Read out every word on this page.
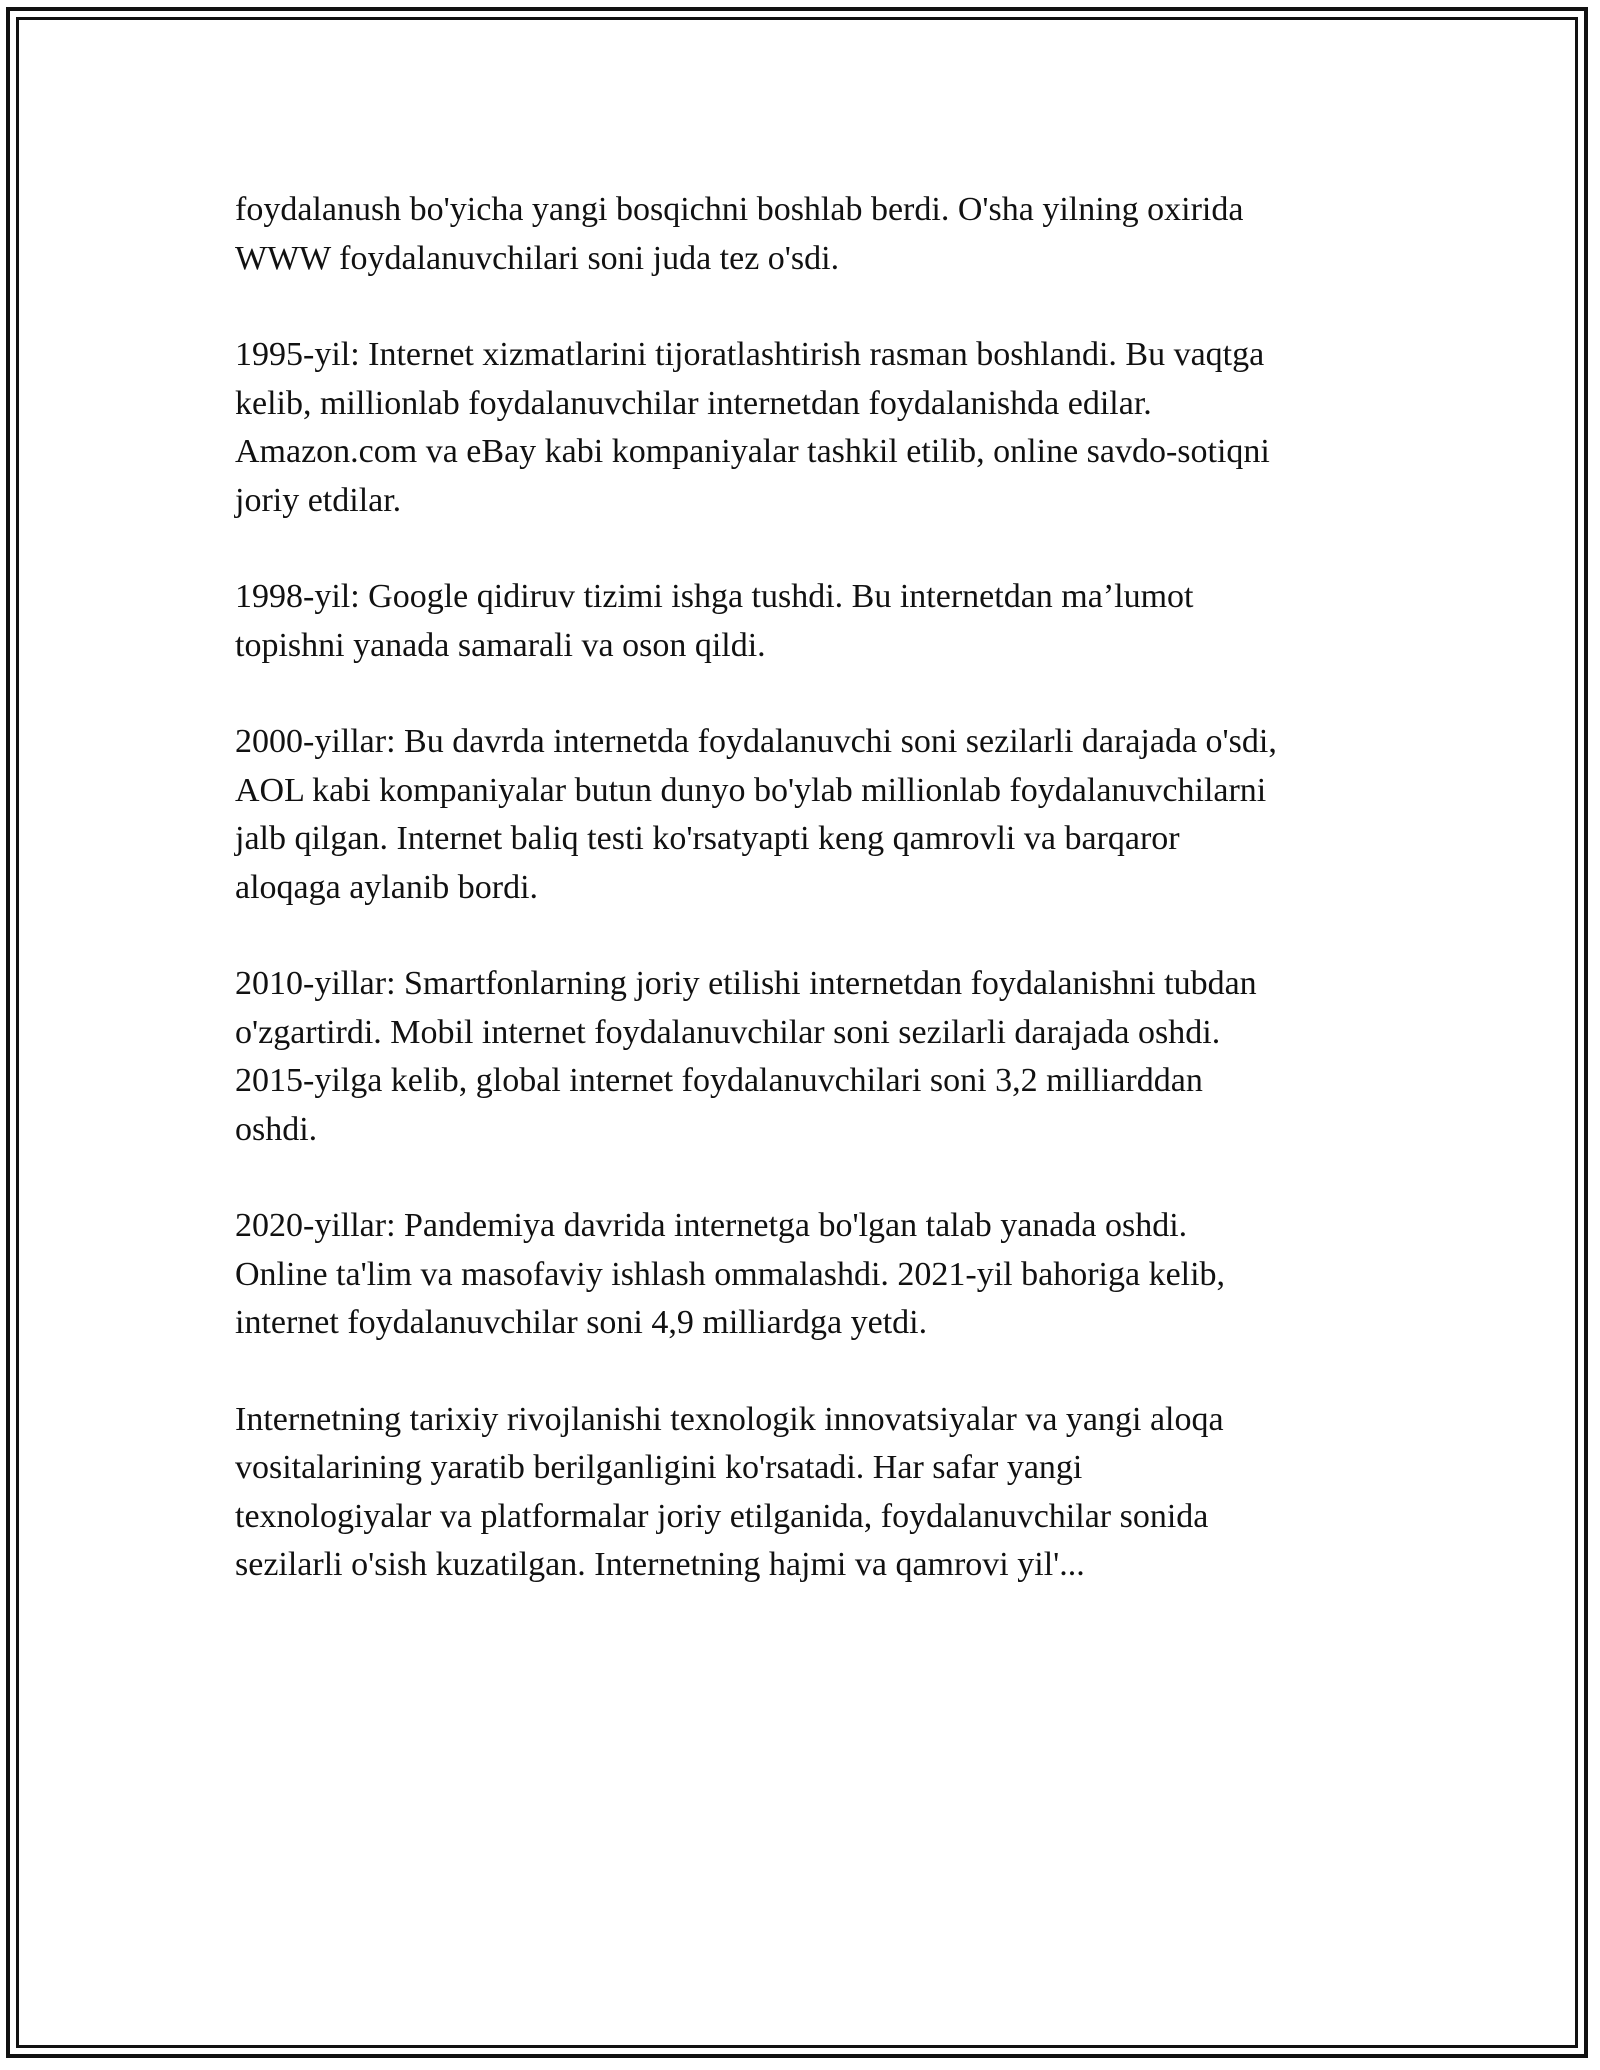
foydalanush bo'yicha yangi bosqichni boshlab berdi. O'sha yilning oxirida
WWW foydalanuvchilari soni juda tez o'sdi.

1995-yil: Internet xizmatlarini tijoratlashtirish rasman boshlandi. Bu vaqtga
kelib, millionlab foydalanuvchilar internetdan foydalanishda edilar.
Amazon.com va eBay kabi kompaniyalar tashkil etilib, online savdo-sotiqni
joriy etdilar.

1998-yil: Google qidiruv tizimi ishga tushdi. Bu internetdan ma’lumot
topishni yanada samarali va oson qildi.

2000-yillar: Bu davrda internetda foydalanuvchi soni sezilarli darajada o'sdi,
AOL kabi kompaniyalar butun dunyo bo'ylab millionlab foydalanuvchilarni
jalb qilgan. Internet baliq testi ko'rsatyapti keng qamrovli va barqaror
aloqaga aylanib bordi.

2010-yillar: Smartfonlarning joriy etilishi internetdan foydalanishni tubdan
o'zgartirdi. Mobil internet foydalanuvchilar soni sezilarli darajada oshdi.
2015-yilga kelib, global internet foydalanuvchilari soni 3,2 milliarddan
oshdi.

2020-yillar: Pandemiya davrida internetga bo'lgan talab yanada oshdi.
Online ta'lim va masofaviy ishlash ommalashdi. 2021-yil bahoriga kelib,
internet foydalanuvchilar soni 4,9 milliardga yetdi.

Internetning tarixiy rivojlanishi texnologik innovatsiyalar va yangi aloqa
vositalarining yaratib berilganligini ko'rsatadi. Har safar yangi
texnologiyalar va platformalar joriy etilganida, foydalanuvchilar sonida
sezilarli o'sish kuzatilgan. Internetning hajmi va qamrovi yil'...
